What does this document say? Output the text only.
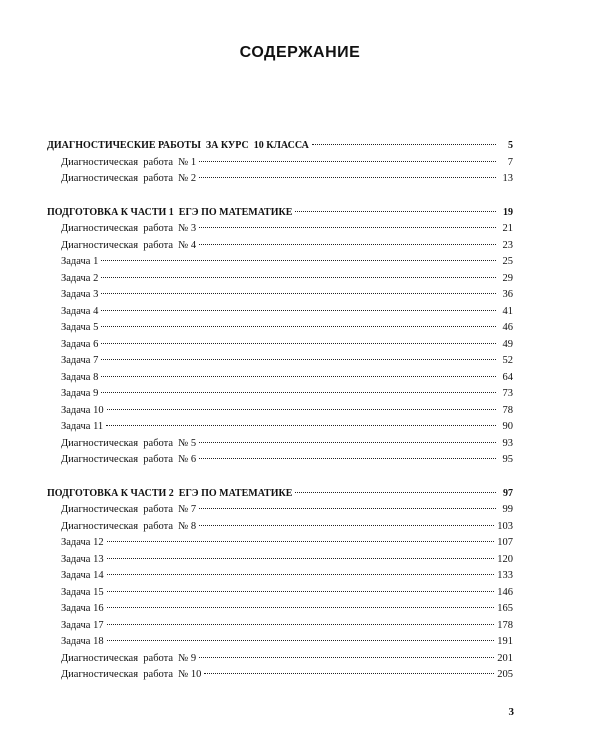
СОДЕРЖАНИЕ
ДИАГНОСТИЧЕСКИЕ РАБОТЫ  ЗА КУРС  10 КЛАССА	5
Диагностическая  работа  № 1	7
Диагностическая  работа  № 2	13
ПОДГОТОВКА К ЧАСТИ 1  ЕГЭ ПО МАТЕМАТИКЕ	19
Диагностическая  работа  № 3	21
Диагностическая  работа  № 4	23
Задача 1	25
Задача 2	29
Задача 3	36
Задача 4	41
Задача 5	46
Задача 6	49
Задача 7	52
Задача 8	64
Задача 9	73
Задача 10	78
Задача 11	90
Диагностическая  работа  № 5	93
Диагностическая  работа  № 6	95
ПОДГОТОВКА К ЧАСТИ 2  ЕГЭ ПО МАТЕМАТИКЕ	97
Диагностическая  работа  № 7	99
Диагностическая  работа  № 8	103
Задача 12	107
Задача 13	120
Задача 14	133
Задача 15	146
Задача 16	165
Задача 17	178
Задача 18	191
Диагностическая  работа  № 9	201
Диагностическая  работа  № 10	205
3
